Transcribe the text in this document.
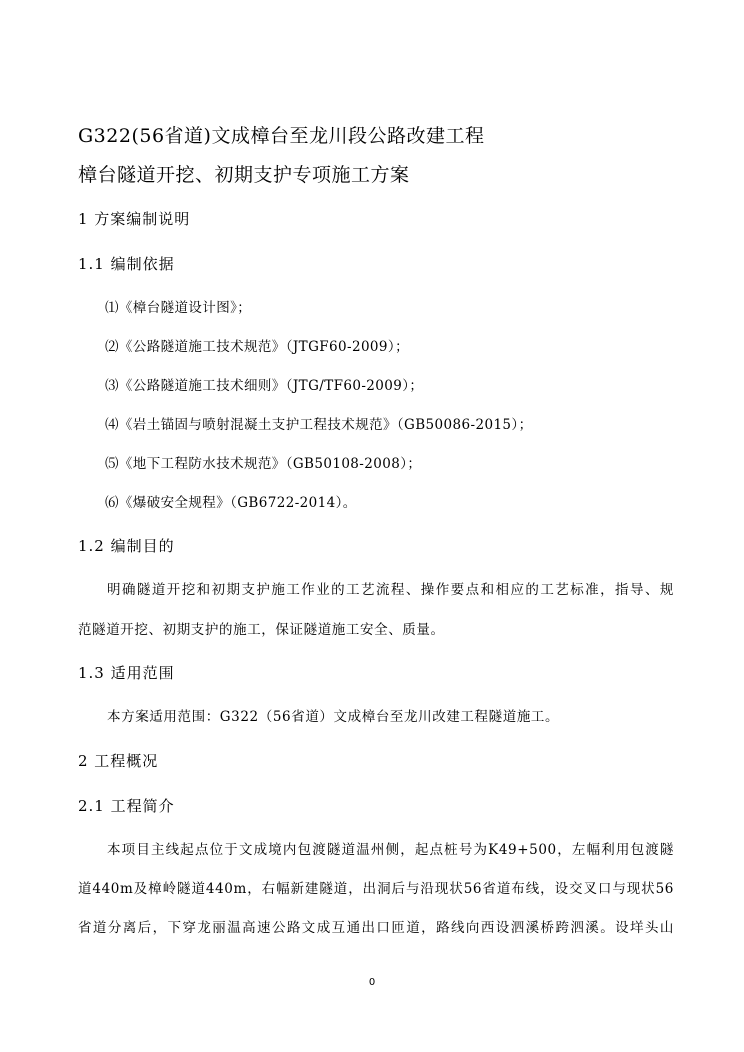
G322(56省道)文成樟台至龙川段公路改建工程
樟台隧道开挖、初期支护专项施工方案
1 方案编制说明
1.1 编制依据
⑴《樟台隧道设计图》；
⑵《公路隧道施工技术规范》（JTGF60-2009）；
⑶《公路隧道施工技术细则》（JTG/TF60-2009）；
⑷《岩土锚固与喷射混凝土支护工程技术规范》（GB50086-2015）；
⑸《地下工程防水技术规范》（GB50108-2008）；
⑹《爆破安全规程》（GB6722-2014）。
1.2 编制目的
明确隧道开挖和初期支护施工作业的工艺流程、操作要点和相应的工艺标准，指导、规
范隧道开挖、初期支护的施工，保证隧道施工安全、质量。
1.3 适用范围
本方案适用范围：G322（56省道）文成樟台至龙川改建工程隧道施工。
2 工程概况
2.1 工程简介
本项目主线起点位于文成境内包渡隧道温州侧，起点桩号为K49+500，左幅利用包渡隧
道440m及樟岭隧道440m，右幅新建隧道，出洞后与沿现状56省道布线，设交叉口与现状56
省道分离后，下穿龙丽温高速公路文成互通出口匝道，路线向西设泗溪桥跨泗溪。设垟头山
0
